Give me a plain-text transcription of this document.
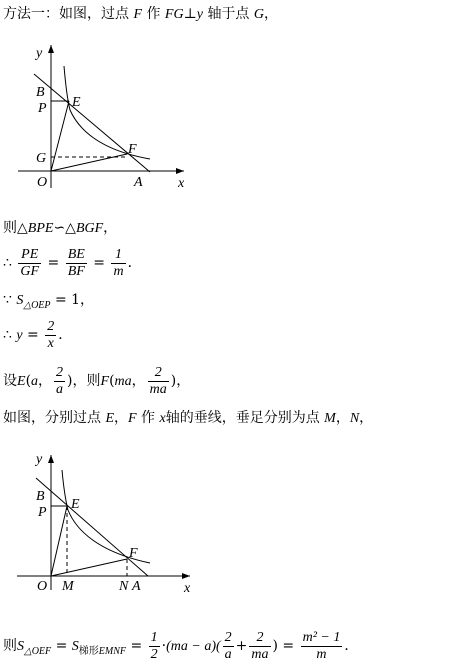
方法一：如图，过点 F 作 FG⊥y 轴于点 G，
y
B
E
P
G
F
O	A	x
y
B
E
P
F
O M	N A	x
则△BPE∽△BGF，
∴ $\frac{PE}{GF} = \frac{BE}{BF} = \frac{1}{m}$ ．
∵ $S_{\triangle OEP} = 1$，
∴ $y = \frac{2}{x}$ ．
设E(a， $\frac{2}{a}$ )，则F(ma， $\frac{2}{ma}$ )，
如图，分别过点 E，F 作 x轴的垂线，垂足分别为点 M，N，
则$S_{\triangle OEF} = S_{梯形EMNF} = \frac{1}{2} \cdot(ma - a)( \frac{2}{a} + \frac{2}{ma}$ ) = $\frac{\text{m² − 1}}{m}$ ．
